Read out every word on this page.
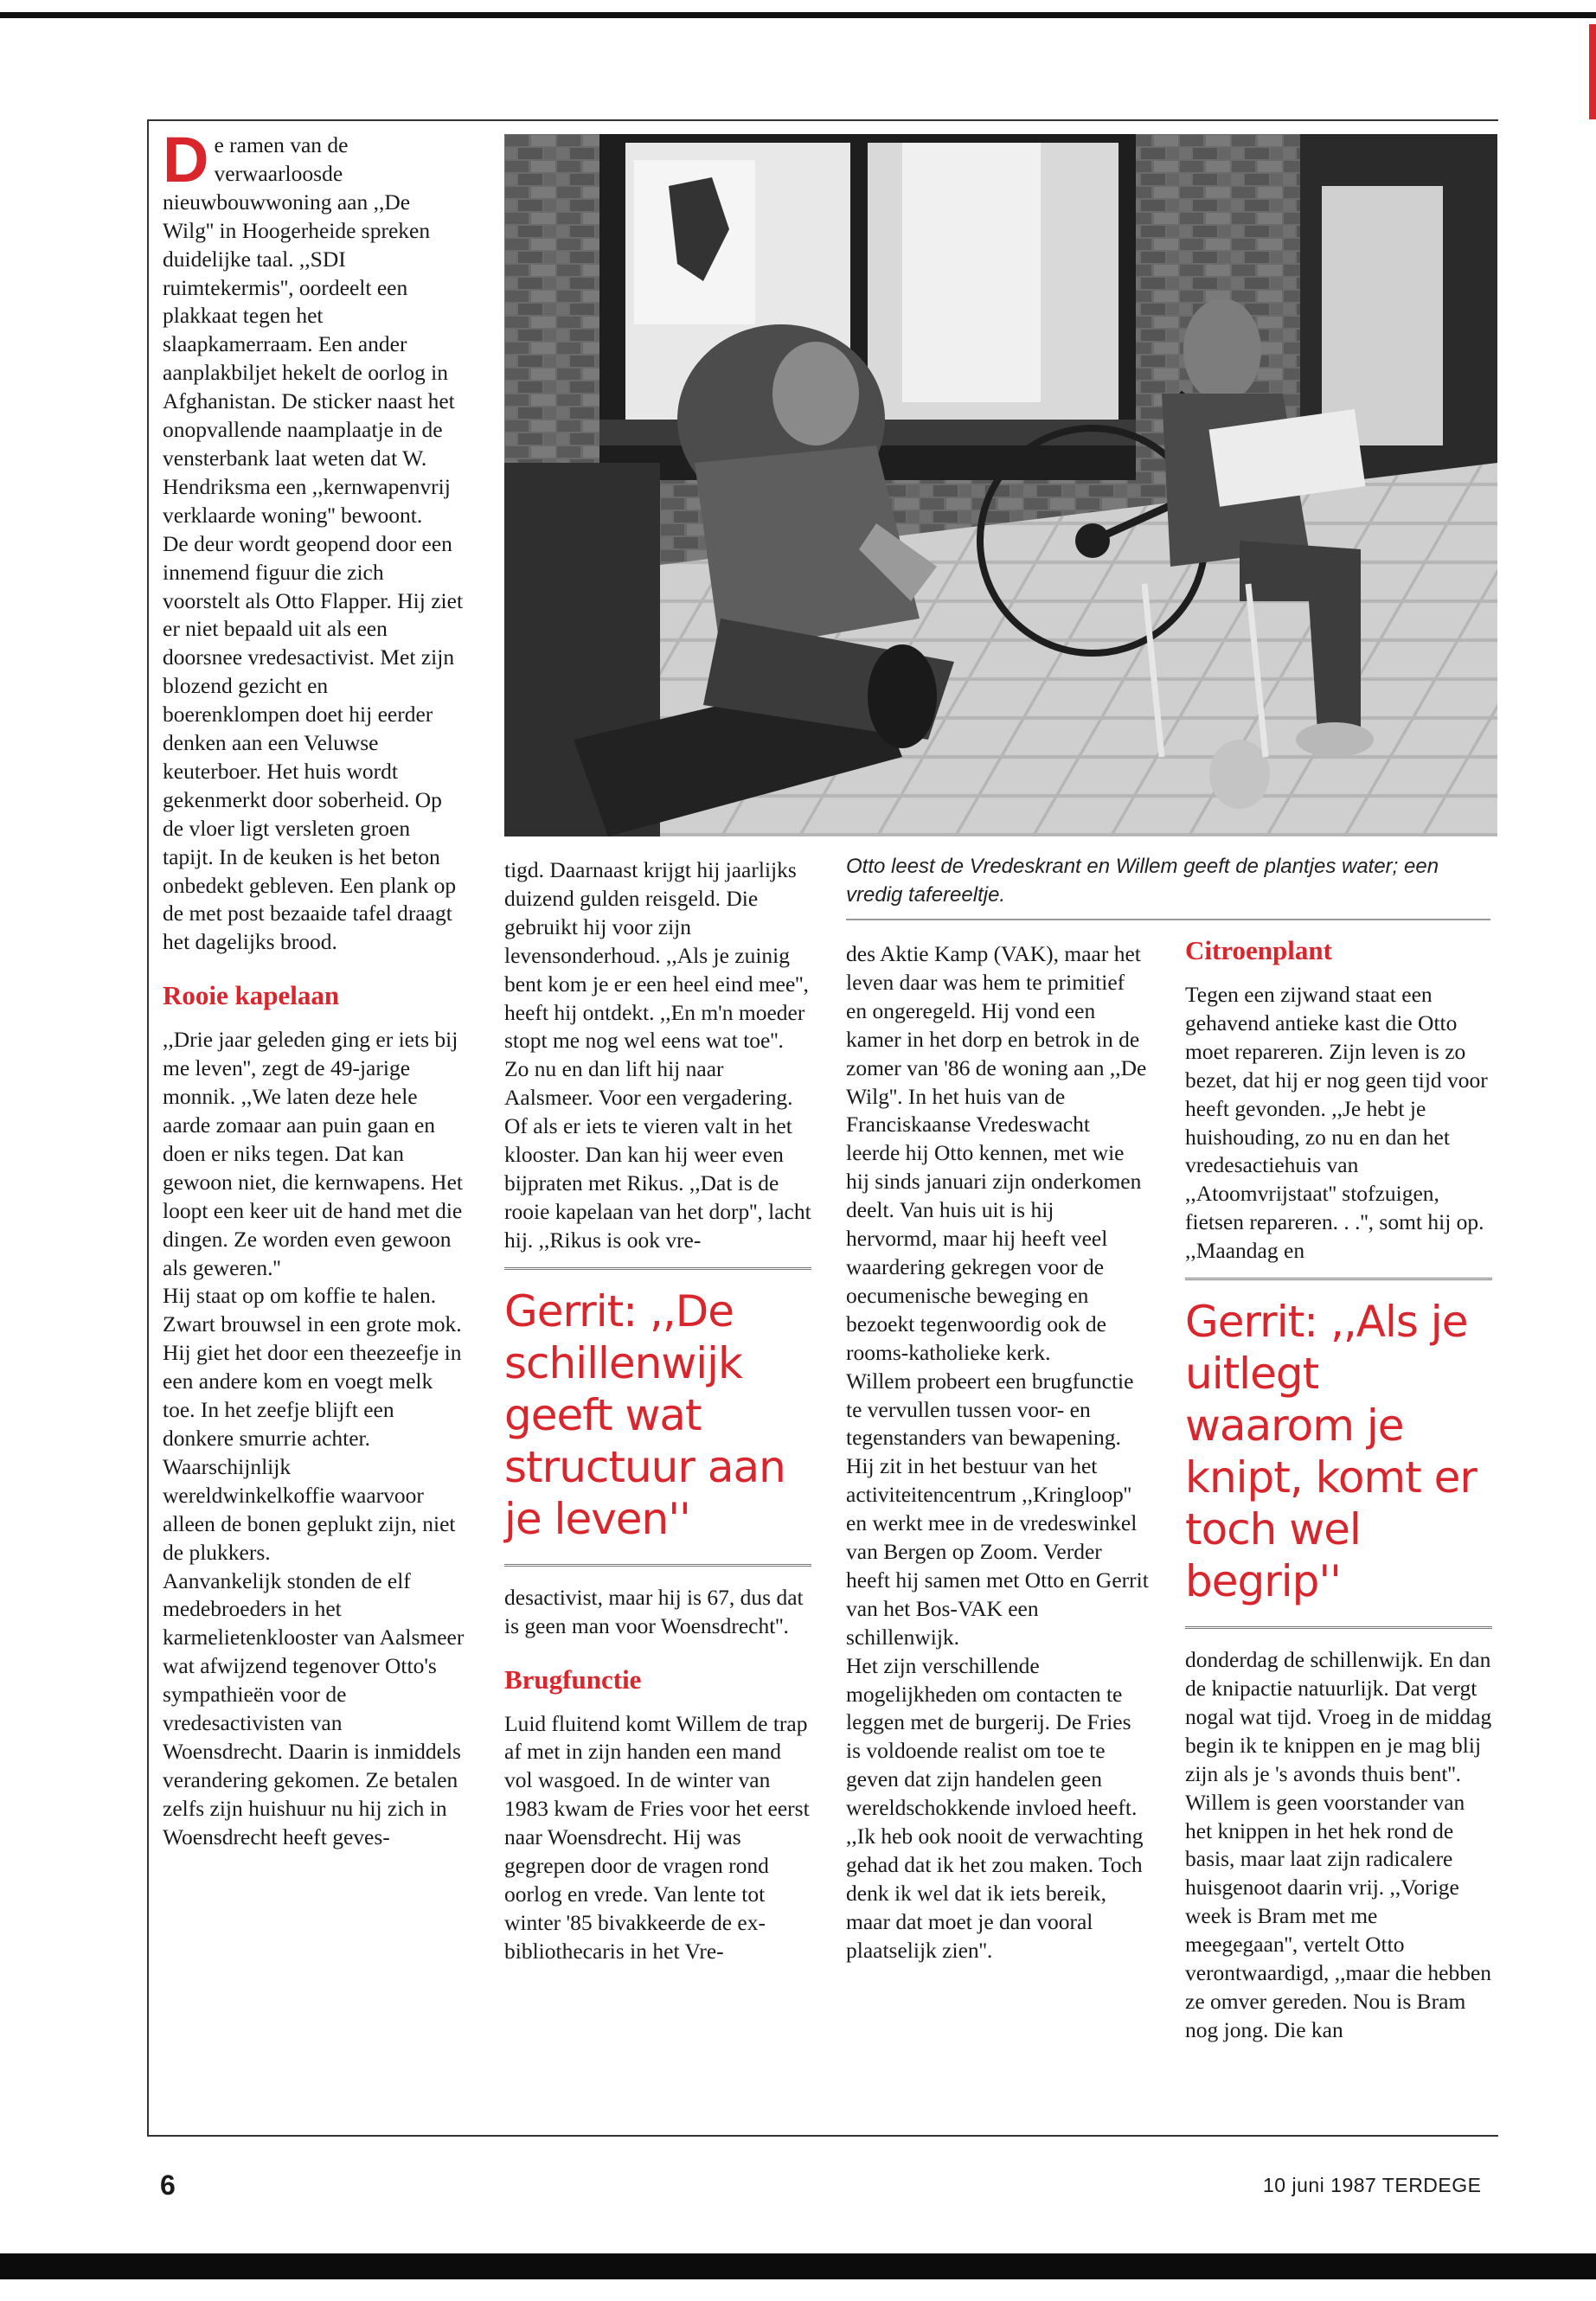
Otto leest de Vredeskrant en Willem geeft de plantjes water; een vredig tafereeltje.

De ramen van de verwaarloosde nieuwbouwwoning aan ,,De Wilg'' in Hoogerheide spreken duidelijke taal. ,,SDI ruimtekermis'', oordeelt een plakkaat tegen het slaapkamerraam. Een ander aanplakbiljet hekelt de oorlog in Afghanistan. De sticker naast het onopvallende naamplaatje in de vensterbank laat weten dat W. Hendriksma een ,,kernwapenvrij verklaarde woning'' bewoont.

De deur wordt geopend door een innemend figuur die zich voorstelt als Otto Flapper. Hij ziet er niet bepaald uit als een doorsnee vredesactivist. Met zijn blozend gezicht en boerenklompen doet hij eerder denken aan een Veluwse keuterboer. Het huis wordt gekenmerkt door soberheid. Op de vloer ligt versleten groen tapijt. In de keuken is het beton onbedekt gebleven. Een plank op de met post bezaaide tafel draagt het dagelijks brood.

Rooie kapelaan

,,Drie jaar geleden ging er iets bij me leven'', zegt de 49-jarige monnik. ,,We laten deze hele aarde zomaar aan puin gaan en doen er niks tegen. Dat kan gewoon niet, die kernwapens. Het loopt een keer uit de hand met die dingen. Ze worden even gewoon als geweren.''

Hij staat op om koffie te halen. Zwart brouwsel in een grote mok. Hij giet het door een theezeefje in een andere kom en voegt melk toe. In het zeefje blijft een donkere smurrie achter. Waarschijnlijk wereldwinkelkoffie waarvoor alleen de bonen geplukt zijn, niet de plukkers.

Aanvankelijk stonden de elf medebroeders in het karmelietenklooster van Aalsmeer wat afwijzend tegenover Otto's sympathieën voor de vredesactivisten van Woensdrecht. Daarin is inmiddels verandering gekomen. Ze betalen zelfs zijn huishuur nu hij zich in Woensdrecht heeft geves-

tigd. Daarnaast krijgt hij jaarlijks duizend gulden reisgeld. Die gebruikt hij voor zijn levensonderhoud. ,,Als je zuinig bent kom je er een heel eind mee'', heeft hij ontdekt. ,,En m'n moeder stopt me nog wel eens wat toe''.

Zo nu en dan lift hij naar Aalsmeer. Voor een vergadering. Of als er iets te vieren valt in het klooster. Dan kan hij weer even bijpraten met Rikus. ,,Dat is de rooie kapelaan van het dorp'', lacht hij. ,,Rikus is ook vre-

Gerrit: ,,De schillenwijk geeft wat structuur aan je leven''

desactivist, maar hij is 67, dus dat is geen man voor Woensdrecht''.

Brugfunctie

Luid fluitend komt Willem de trap af met in zijn handen een mand vol wasgoed. In de winter van 1983 kwam de Fries voor het eerst naar Woensdrecht. Hij was gegrepen door de vragen rond oorlog en vrede. Van lente tot winter '85 bivakkeerde de ex-bibliothecaris in het Vre-

des Aktie Kamp (VAK), maar het leven daar was hem te primitief en ongeregeld. Hij vond een kamer in het dorp en betrok in de zomer van '86 de woning aan ,,De Wilg''. In het huis van de Franciskaanse Vredeswacht leerde hij Otto kennen, met wie hij sinds januari zijn onderkomen deelt. Van huis uit is hij hervormd, maar hij heeft veel waardering gekregen voor de oecumenische beweging en bezoekt tegenwoordig ook de rooms-katholieke kerk.

Willem probeert een brugfunctie te vervullen tussen voor- en tegenstanders van bewapening. Hij zit in het bestuur van het activiteitencentrum ,,Kringloop'' en werkt mee in de vredeswinkel van Bergen op Zoom. Verder heeft hij samen met Otto en Gerrit van het Bos-VAK een schillenwijk.

Het zijn verschillende mogelijkheden om contacten te leggen met de burgerij. De Fries is voldoende realist om toe te geven dat zijn handelen geen wereldschokkende invloed heeft. ,,Ik heb ook nooit de verwachting gehad dat ik het zou maken. Toch denk ik wel dat ik iets bereik, maar dat moet je dan vooral plaatselijk zien''.

Citroenplant

Tegen een zijwand staat een gehavend antieke kast die Otto moet repareren. Zijn leven is zo bezet, dat hij er nog geen tijd voor heeft gevonden. ,,Je hebt je huishouding, zo nu en dan het vredesactiehuis van ,,Atoomvrijstaat'' stofzuigen, fietsen repareren. . .'', somt hij op. ,,Maandag en

Gerrit: ,,Als je uitlegt waarom je knipt, komt er toch wel begrip''

donderdag de schillenwijk. En dan de knipactie natuurlijk. Dat vergt nogal wat tijd. Vroeg in de middag begin ik te knippen en je mag blij zijn als je 's avonds thuis bent''.

Willem is geen voorstander van het knippen in het hek rond de basis, maar laat zijn radicalere huisgenoot daarin vrij. ,,Vorige week is Bram met me meegegaan'', vertelt Otto verontwaardigd, ,,maar die hebben ze omver gereden. Nou is Bram nog jong. Die kan

6	10 juni 1987 TERDEGE
